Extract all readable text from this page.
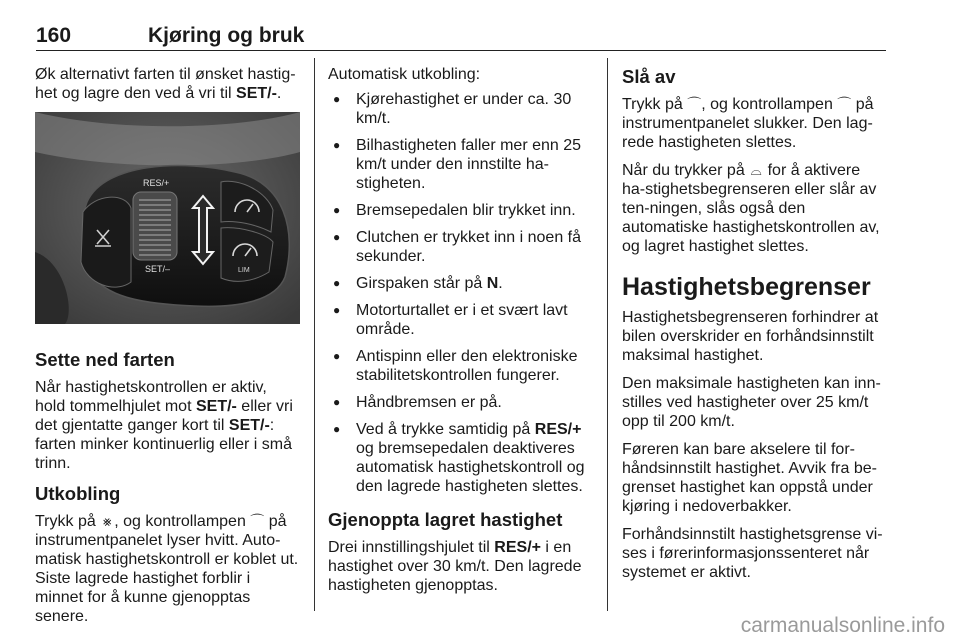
160	Kjøring og bruk

Øk alternativt farten til ønsket hastig-het og lagre den ved å vri til SET/-.

RES/+
SET/–	LIM
Sette ned farten

Når hastighetskontrollen er aktiv, hold tommelhjulet mot SET/- eller vri det gjentatte ganger kort til SET/-: farten minker kontinuerlig eller i små trinn.

Utkobling

Trykk på ⨳ , og kontrollampen ⌒ på instrumentpanelet lyser hvitt. Auto-matisk hastighetskontroll er koblet ut. Siste lagrede hastighet forblir i minnet for å kunne gjenopptas senere.

Automatisk utkobling:

● Kjørehastighet er under ca. 30 km/t.
● Bilhastigheten faller mer enn 25 km/t under den innstilte ha-stigheten.
● Bremsepedalen blir trykket inn.
● Clutchen er trykket inn i noen få sekunder.
● Girspaken står på N.
● Motorturtallet er i et svært lavt område.
● Antispinn eller den elektroniske stabilitetskontrollen fungerer.
● Håndbremsen er på.
● Ved å trykke samtidig på RES/+ og bremsepedalen deaktiveres automatisk hastighetskontroll og den lagrede hastigheten slettes.
Gjenoppta lagret hastighet

Drei innstillingshjulet til RES/+ i en hastighet over 30 km/t. Den lagrede hastigheten gjenopptas.

Slå av

Trykk på ⌒, og kontrollampen ⌒ på instrumentpanelet slukker. Den lag-rede hastigheten slettes.

Når du trykker på ⌓ for å aktivere ha-stighetsbegrenseren eller slår av ten-ningen, slås også den automatiske hastighetskontrollen av, og lagret hastighet slettes.

Hastighetsbegrenser

Hastighetsbegrenseren forhindrer at bilen overskrider en forhåndsinnstilt maksimal hastighet.

Den maksimale hastigheten kan inn-stilles ved hastigheter over 25 km/t opp til 200 km/t.

Føreren kan bare akselere til for-håndsinnstilt hastighet. Avvik fra be-grenset hastighet kan oppstå under kjøring i nedoverbakker.

Forhåndsinnstilt hastighetsgrense vi-ses i førerinformasjonssenteret når systemet er aktivt.

carmanualsonline.info
